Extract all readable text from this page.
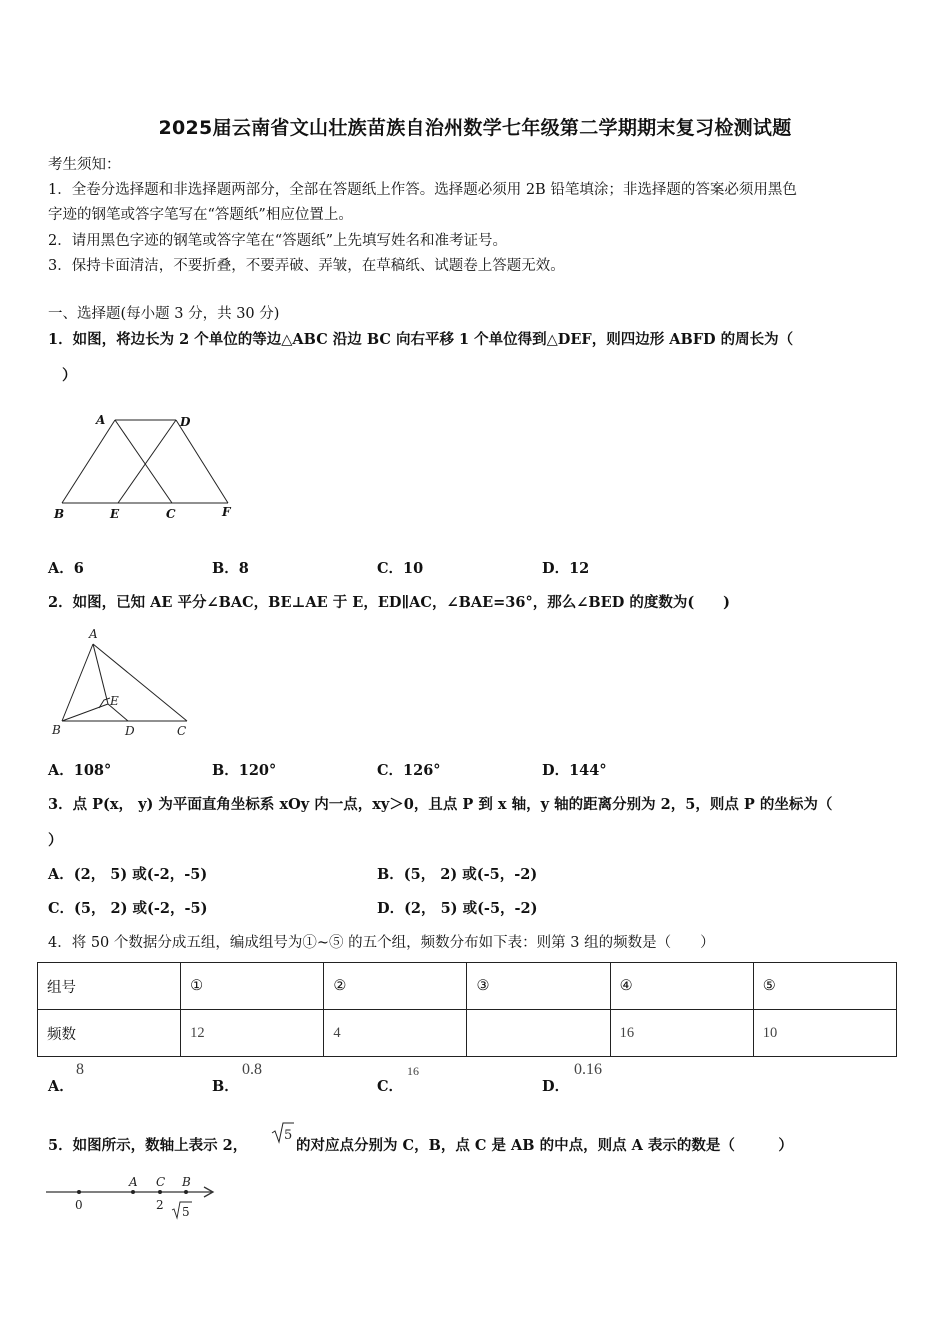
2025届云南省文山壮族苗族自治州数学七年级第二学期期末复习检测试题
考生须知：
1．全卷分选择题和非选择题两部分，全部在答题纸上作答。选择题必须用 2B 铅笔填涂；非选择题的答案必须用黑色
字迹的钢笔或答字笔写在“答题纸”相应位置上。
2．请用黑色字迹的钢笔或答字笔在“答题纸”上先填写姓名和准考证号。
3．保持卡面清洁，不要折叠，不要弄破、弄皱，在草稿纸、试题卷上答题无效。
一、选择题(每小题 3 分，共 30 分)
1．如图，将边长为 2 个单位的等边△ABC 沿边 BC 向右平移 1 个单位得到△DEF，则四边形 ABFD 的周长为（
）
A	D
B	E	C	F
A．6	B．8	C．10	D．12
2．如图，已知 AE 平分∠BAC，BE⊥AE 于 E，ED∥AC，∠BAE=36°，那么∠BED 的度数为(　　)
A
E
B	D	C
A．108°	B．120°	C．126°	D．144°
3．点 P(x， y) 为平面直角坐标系 xOy 内一点，xy＞0，且点 P 到 x 轴，y 轴的距离分别为 2，5，则点 P 的坐标为（
）
A．(2， 5) 或(-2，-5)	B．(5， 2) 或(-5，-2)
C．(5， 2) 或(-2，-5)	D．(2， 5) 或(-5，-2)
4．将 50 个数据分成五组，编成组号为①~⑤ 的五个组，频数分布如下表：则第 3 组的频数是（　　）
组号	①	②	③	④	⑤
频数	12	4		16	10
A．
8
B．
0.8
C．
16
D．
0.16
5．如图所示，数轴上表示 2，
5
的对应点分别为 C，B，点 C 是 AB 的中点，则点 A 表示的数是（　　　）
0
A C B
2 5
